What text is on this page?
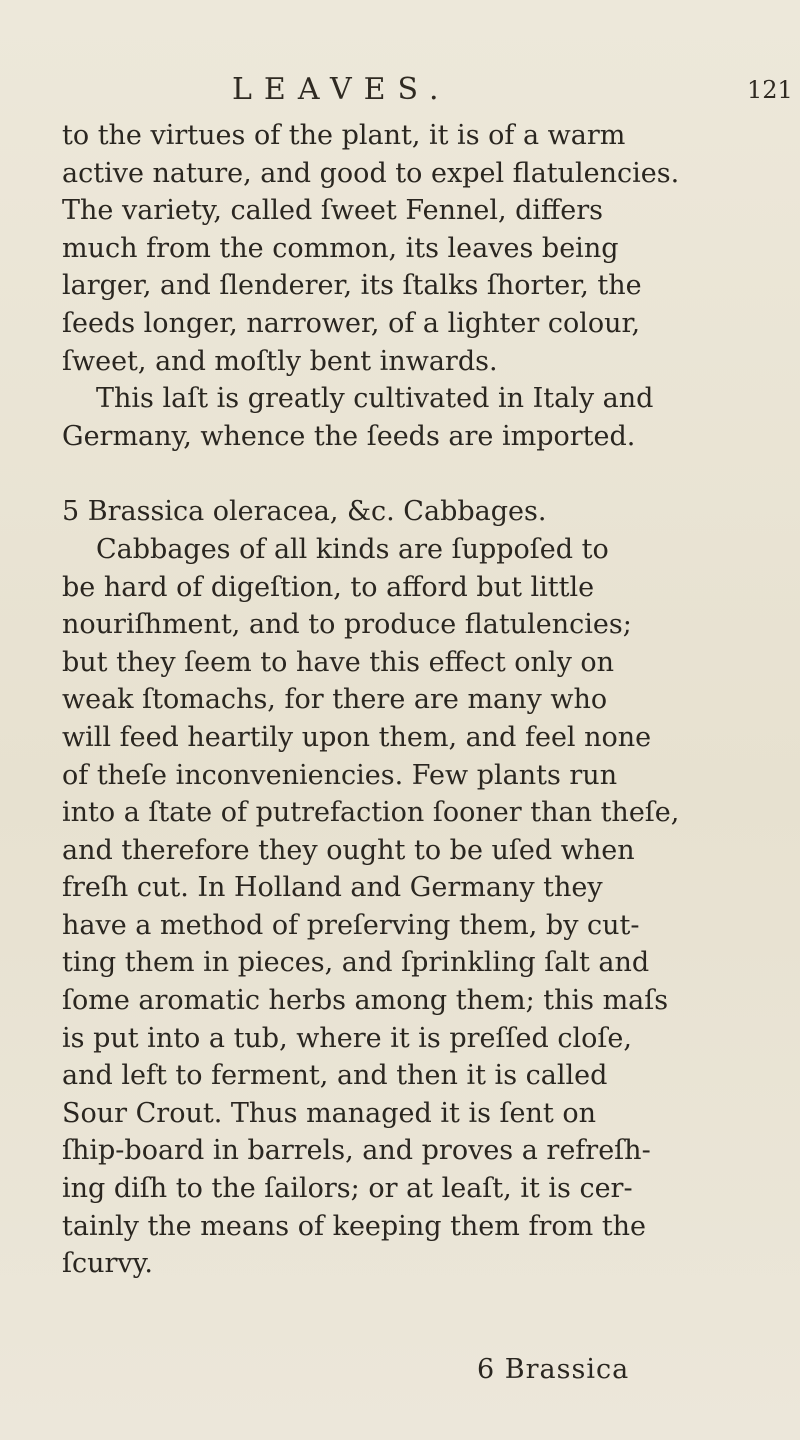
LEAVES.	121
to the virtues of the plant, it is of a warm
active nature, and good to expel flatulencies.
The variety, called ſweet Fennel, differs
much from the common, its leaves being
larger, and ſlenderer, its ſtalks ſhorter, the
ſeeds longer, narrower, of a lighter colour,
ſweet, and moſtly bent inwards.
This laſt is greatly cultivated in Italy and
Germany, whence the ſeeds are imported.
5 Brassica oleracea, &c. Cabbages.
Cabbages of all kinds are ſuppoſed to
be hard of digeſtion, to afford but little
nouriſhment, and to produce flatulencies;
but they ſeem to have this effect only on
weak ſtomachs, for there are many who
will feed heartily upon them, and feel none
of theſe inconveniencies. Few plants run
into a ſtate of putrefaction ſooner than theſe,
and therefore they ought to be uſed when
freſh cut. In Holland and Germany they
have a method of preſerving them, by cut-
ting them in pieces, and ſprinkling ſalt and
ſome aromatic herbs among them; this maſs
is put into a tub, where it is preſſed cloſe,
and left to ferment, and then it is called
Sour Crout. Thus managed it is ſent on
ſhip-board in barrels, and proves a refreſh-
ing diſh to the ſailors; or at leaſt, it is cer-
tainly the means of keeping them from the
ſcurvy.
6 Brassica
